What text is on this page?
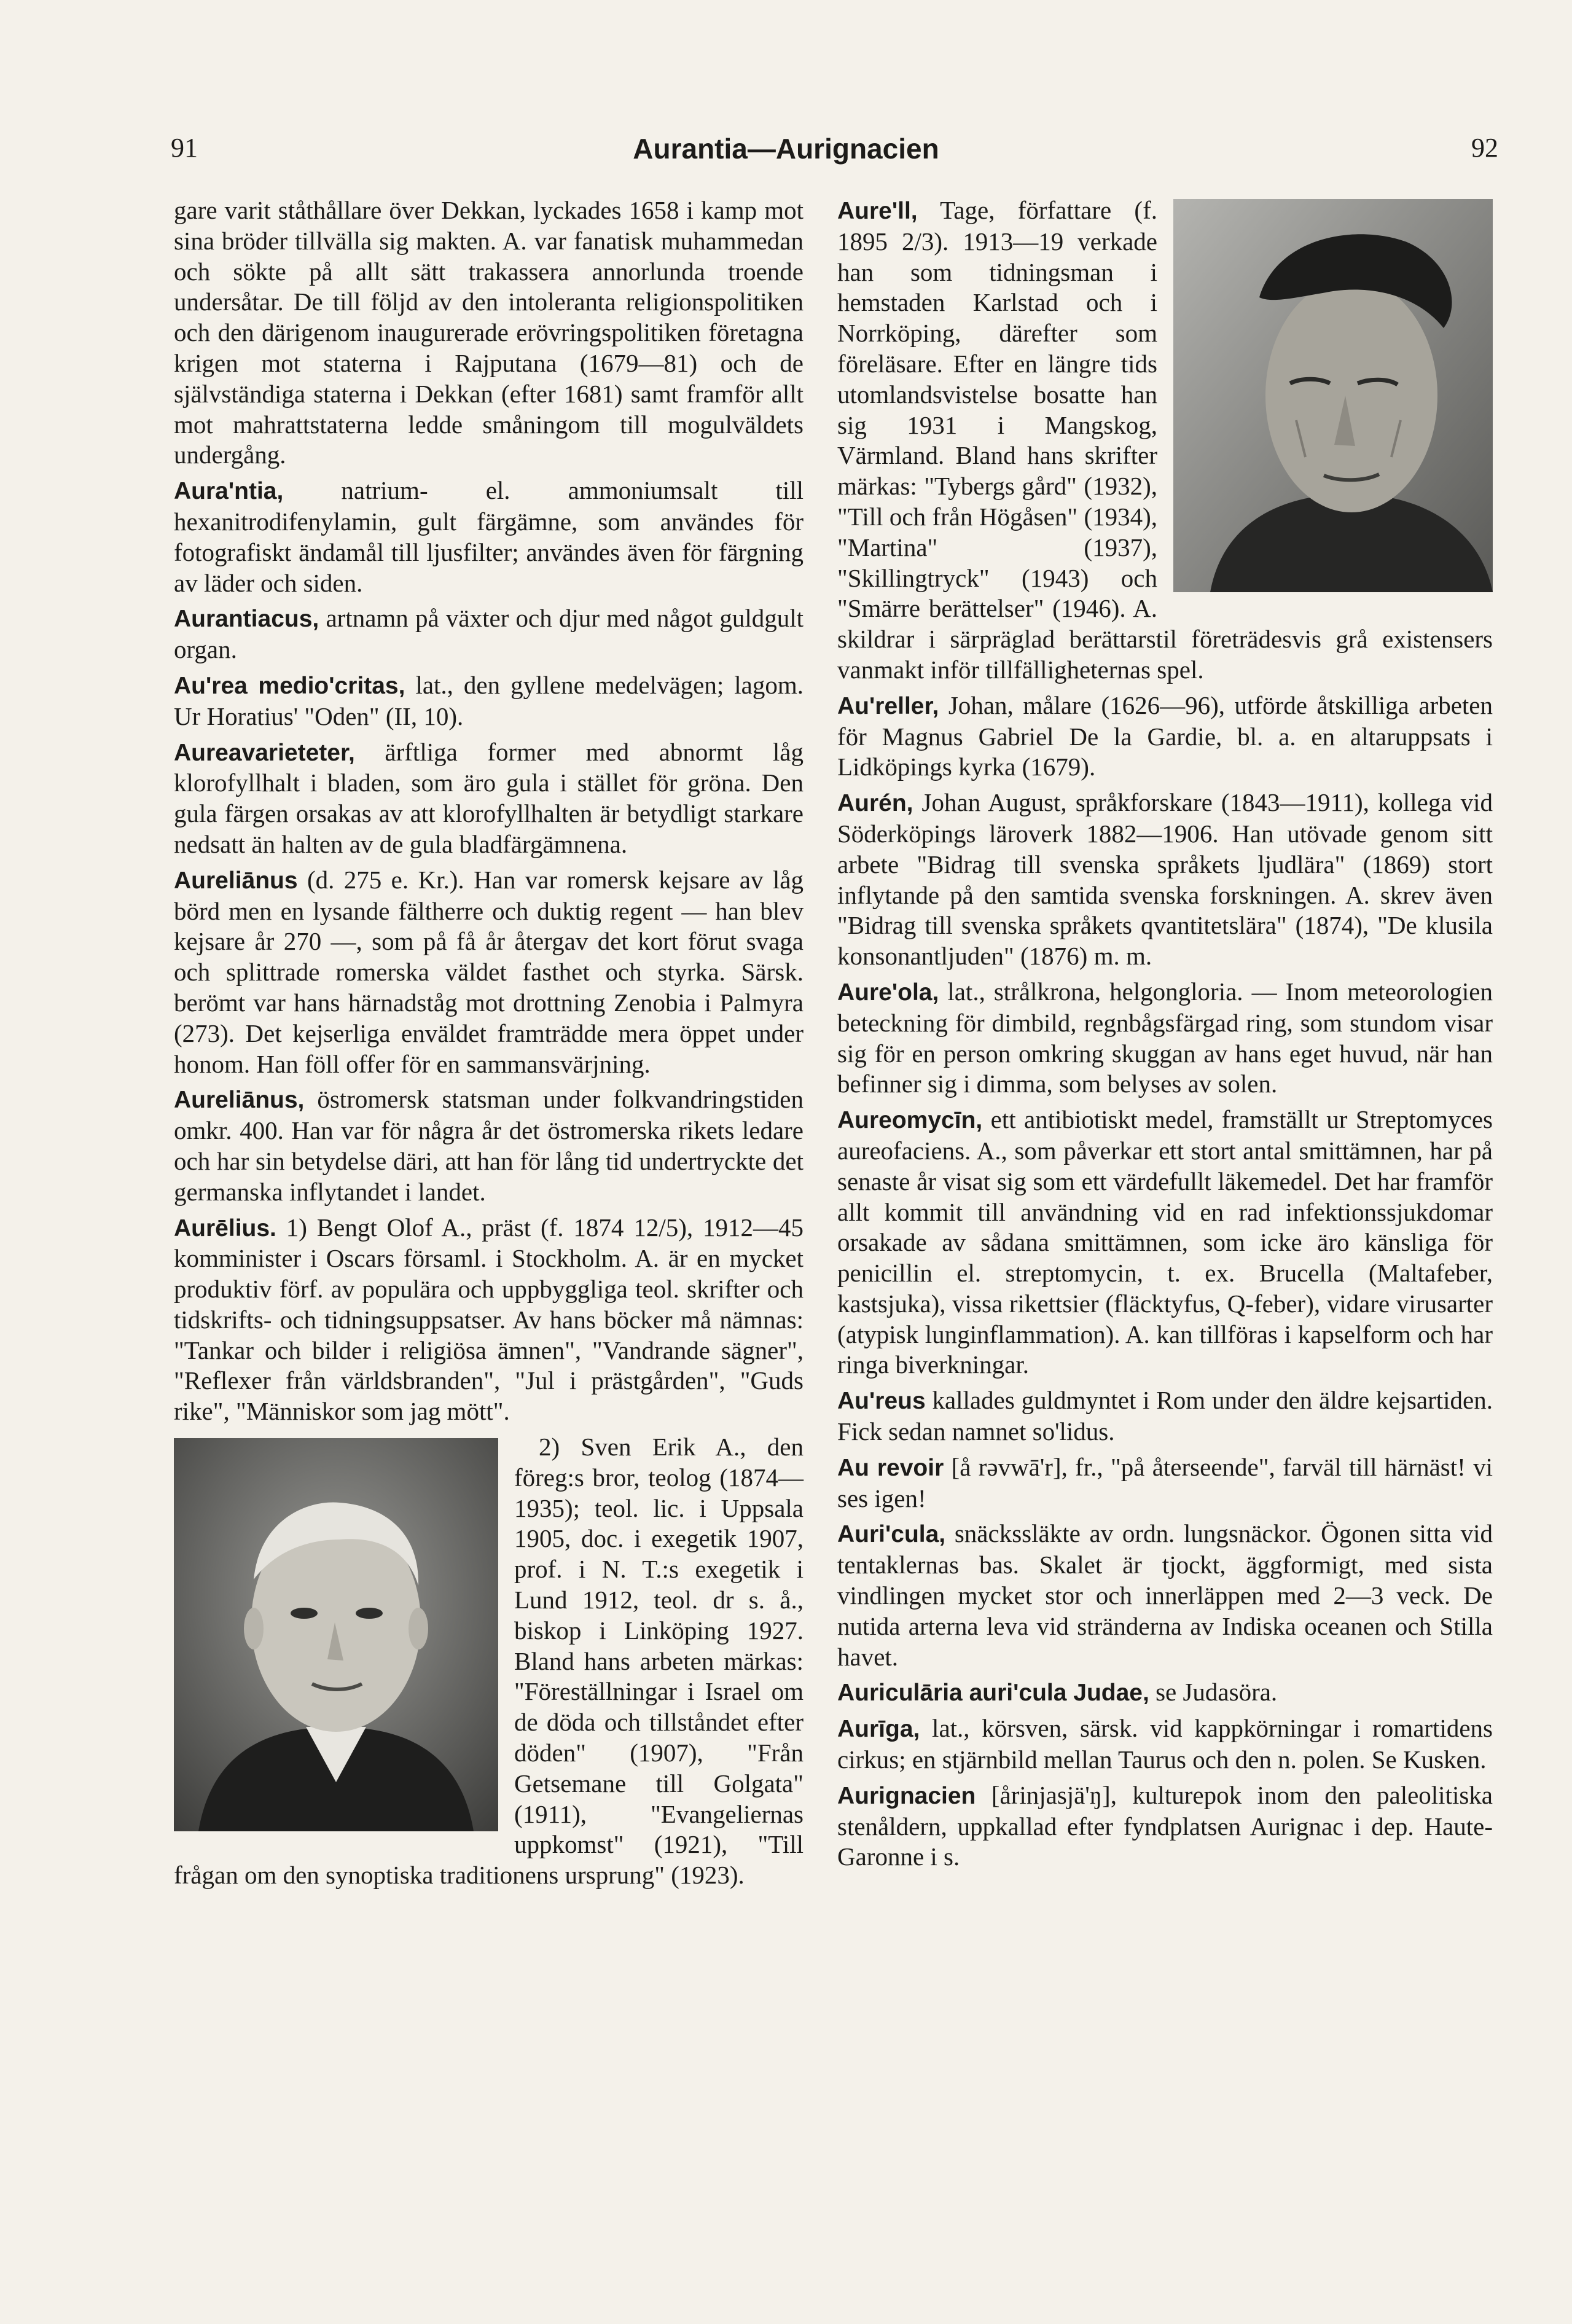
91	Aurantia—Aurignacien	92

gare varit ståthållare över Dekkan, lyckades 1658 i kamp mot sina bröder tillvälla sig makten. A. var fanatisk muhammedan och sökte på allt sätt trakassera annorlunda troende undersåtar. De till följd av den intoleranta religionspolitiken och den därigenom inaugurerade erövringspolitiken företagna krigen mot staterna i Rajputana (1679—81) och de självständiga staterna i Dekkan (efter 1681) samt framför allt mot mahrattstaterna ledde småningom till mogulväldets undergång.

Aura'ntia, natrium- el. ammoniumsalt till hexanitrodifenylamin, gult färgämne, som användes för fotografiskt ändamål till ljusfilter; användes även för färgning av läder och siden.

Aurantiacus, artnamn på växter och djur med något guldgult organ.

Au'rea medio'critas, lat., den gyllene medelvägen; lagom. Ur Horatius' "Oden" (II, 10).

Aureavarieteter, ärftliga former med abnormt låg klorofyllhalt i bladen, som äro gula i stället för gröna. Den gula färgen orsakas av att klorofyllhalten är betydligt starkare nedsatt än halten av de gula bladfärgämnena.

Aureliānus (d. 275 e. Kr.). Han var romersk kejsare av låg börd men en lysande fältherre och duktig regent — han blev kejsare år 270 —, som på få år återgav det kort förut svaga och splittrade romerska väldet fasthet och styrka. Särsk. berömt var hans härnadståg mot drottning Zenobia i Palmyra (273). Det kejserliga enväldet framträdde mera öppet under honom. Han föll offer för en sammansvärjning.

Aureliānus, östromersk statsman under folkvandringstiden omkr. 400. Han var för några år det östromerska rikets ledare och har sin betydelse däri, att han för lång tid undertryckte det germanska inflytandet i landet.

Aurēlius. 1) Bengt Olof A., präst (f. 1874 12/5), 1912—45 komminister i Oscars församl. i Stockholm. A. är en mycket produktiv förf. av populära och uppbyggliga teol. skrifter och tidskrifts- och tidningsuppsatser. Av hans böcker må nämnas: "Tankar och bilder i religiösa ämnen", "Vandrande sägner", "Reflexer från världsbranden", "Jul i prästgården", "Guds rike", "Människor som jag mött".

2) Sven Erik A., den föreg:s bror, teolog (1874—1935); teol. lic. i Uppsala 1905, doc. i exegetik 1907, prof. i N. T.:s exegetik i Lund 1912, teol. dr s. å., biskop i Linköping 1927. Bland hans arbeten märkas: "Föreställningar i Israel om de döda och tillståndet efter döden" (1907), "Från Getsemane till Golgata" (1911), "Evangeliernas uppkomst" (1921), "Till frågan om den synoptiska traditionens ursprung" (1923).

Aure'll, Tage, författare (f. 1895 2/3). 1913—19 verkade han som tidningsman i hemstaden Karlstad och i Norrköping, därefter som föreläsare. Efter en längre tids utomlandsvistelse bosatte han sig 1931 i Mangskog, Värmland. Bland hans skrifter märkas: "Tybergs gård" (1932), "Till och från Högåsen" (1934), "Martina" (1937), "Skillingtryck" (1943) och "Smärre berättelser" (1946). A. skildrar i särpräglad berättarstil företrädesvis grå existensers vanmakt inför tillfälligheternas spel.

Au'reller, Johan, målare (1626—96), utförde åtskilliga arbeten för Magnus Gabriel De la Gardie, bl. a. en altaruppsats i Lidköpings kyrka (1679).

Aurén, Johan August, språkforskare (1843—1911), kollega vid Söderköpings läroverk 1882—1906. Han utövade genom sitt arbete "Bidrag till svenska språkets ljudlära" (1869) stort inflytande på den samtida svenska forskningen. A. skrev även "Bidrag till svenska språkets qvantitetslära" (1874), "De klusila konsonantljuden" (1876) m. m.

Aure'ola, lat., strålkrona, helgongloria. — Inom meteorologien beteckning för dimbild, regnbågsfärgad ring, som stundom visar sig för en person omkring skuggan av hans eget huvud, när han befinner sig i dimma, som belyses av solen.

Aureomycīn, ett antibiotiskt medel, framställt ur Streptomyces aureofaciens. A., som påverkar ett stort antal smittämnen, har på senaste år visat sig som ett värdefullt läkemedel. Det har framför allt kommit till användning vid en rad infektionssjukdomar orsakade av sådana smittämnen, som icke äro känsliga för penicillin el. streptomycin, t. ex. Brucella (Maltafeber, kastsjuka), vissa rikettsier (fläcktyfus, Q-feber), vidare virusarter (atypisk lunginflammation). A. kan tillföras i kapselform och har ringa biverkningar.

Au'reus kallades guldmyntet i Rom under den äldre kejsartiden. Fick sedan namnet so'lidus.

Au revoir [å rəvwā'r], fr., "på återseende", farväl till härnäst! vi ses igen!

Auri'cula, snäckssläkte av ordn. lungsnäckor. Ögonen sitta vid tentaklernas bas. Skalet är tjockt, äggformigt, med sista vindlingen mycket stor och innerläppen med 2—3 veck. De nutida arterna leva vid stränderna av Indiska oceanen och Stilla havet.

Auriculāria auri'cula Judae, se Judasöra.

Aurīga, lat., körsven, särsk. vid kappkörningar i romartidens cirkus; en stjärnbild mellan Taurus och den n. polen. Se Kusken.

Aurignacien [årinjasjä'ŋ], kulturepok inom den paleolitiska stenåldern, uppkallad efter fyndplatsen Aurignac i dep. Haute-Garonne i s.
